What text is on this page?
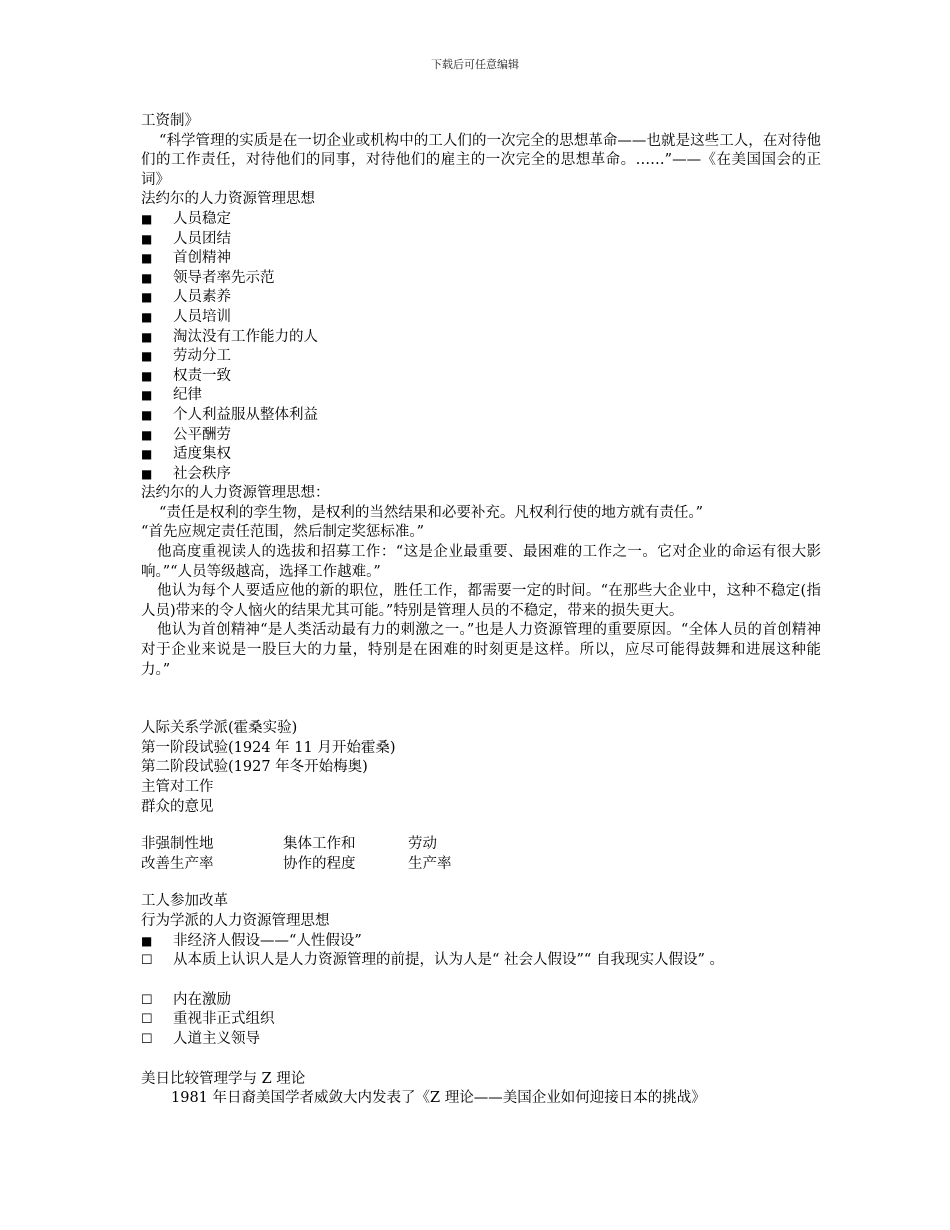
下载后可任意编辑

工资制》

“科学管理的实质是在一切企业或机构中的工人们的一次完全的思想革命——也就是这些工人，在对待他们的工作责任，对待他们的同事，对待他们的雇主的一次完全的思想革命。……”——《在美国国会的正词》

法约尔的人力资源管理思想

■	人员稳定
■	人员团结
■	首创精神
■	领导者率先示范
■	人员素养
■	人员培训
■	淘汰没有工作能力的人
■	劳动分工
■	权责一致
■	纪律
■	个人利益服从整体利益
■	公平酬劳
■	适度集权
■	社会秩序

法约尔的人力资源管理思想：

“责任是权利的孪生物，是权利的当然结果和必要补充。凡权利行使的地方就有责任。”

“首先应规定责任范围，然后制定奖惩标准。”

他高度重视读人的选拔和招募工作：“这是企业最重要、最困难的工作之一。它对企业的命运有很大影响。”“人员等级越高，选择工作越难。”

他认为每个人要适应他的新的职位，胜任工作，都需要一定的时间。“在那些大企业中，这种不稳定(指人员)带来的令人恼火的结果尤其可能。”特别是管理人员的不稳定，带来的损失更大。

他认为首创精神“是人类活动最有力的刺激之一。”也是人力资源管理的重要原因。“全体人员的首创精神对于企业来说是一股巨大的力量，特别是在困难的时刻更是这样。所以，应尽可能得鼓舞和进展这种能力。”

人际关系学派(霍桑实验)

第一阶段试验(1924 年 11 月开始霍桑)

第二阶段试验(1927 年冬开始梅奥)

主管对工作

群众的意见

非强制性地	集体工作和	劳动
改善生产率	协作的程度	生产率

工人参加改革

行为学派的人力资源管理思想

■	非经济人假设——“人性假设”
☐	从本质上认识人是人力资源管理的前提，认为人是“ 社会人假设”“ 自我现实人假设” 。
☐	内在激励
☐	重视非正式组织
☐	人道主义领导

美日比较管理学与 Z 理论

1981 年日裔美国学者威敛大内发表了《Z 理论——美国企业如何迎接日本的挑战》
